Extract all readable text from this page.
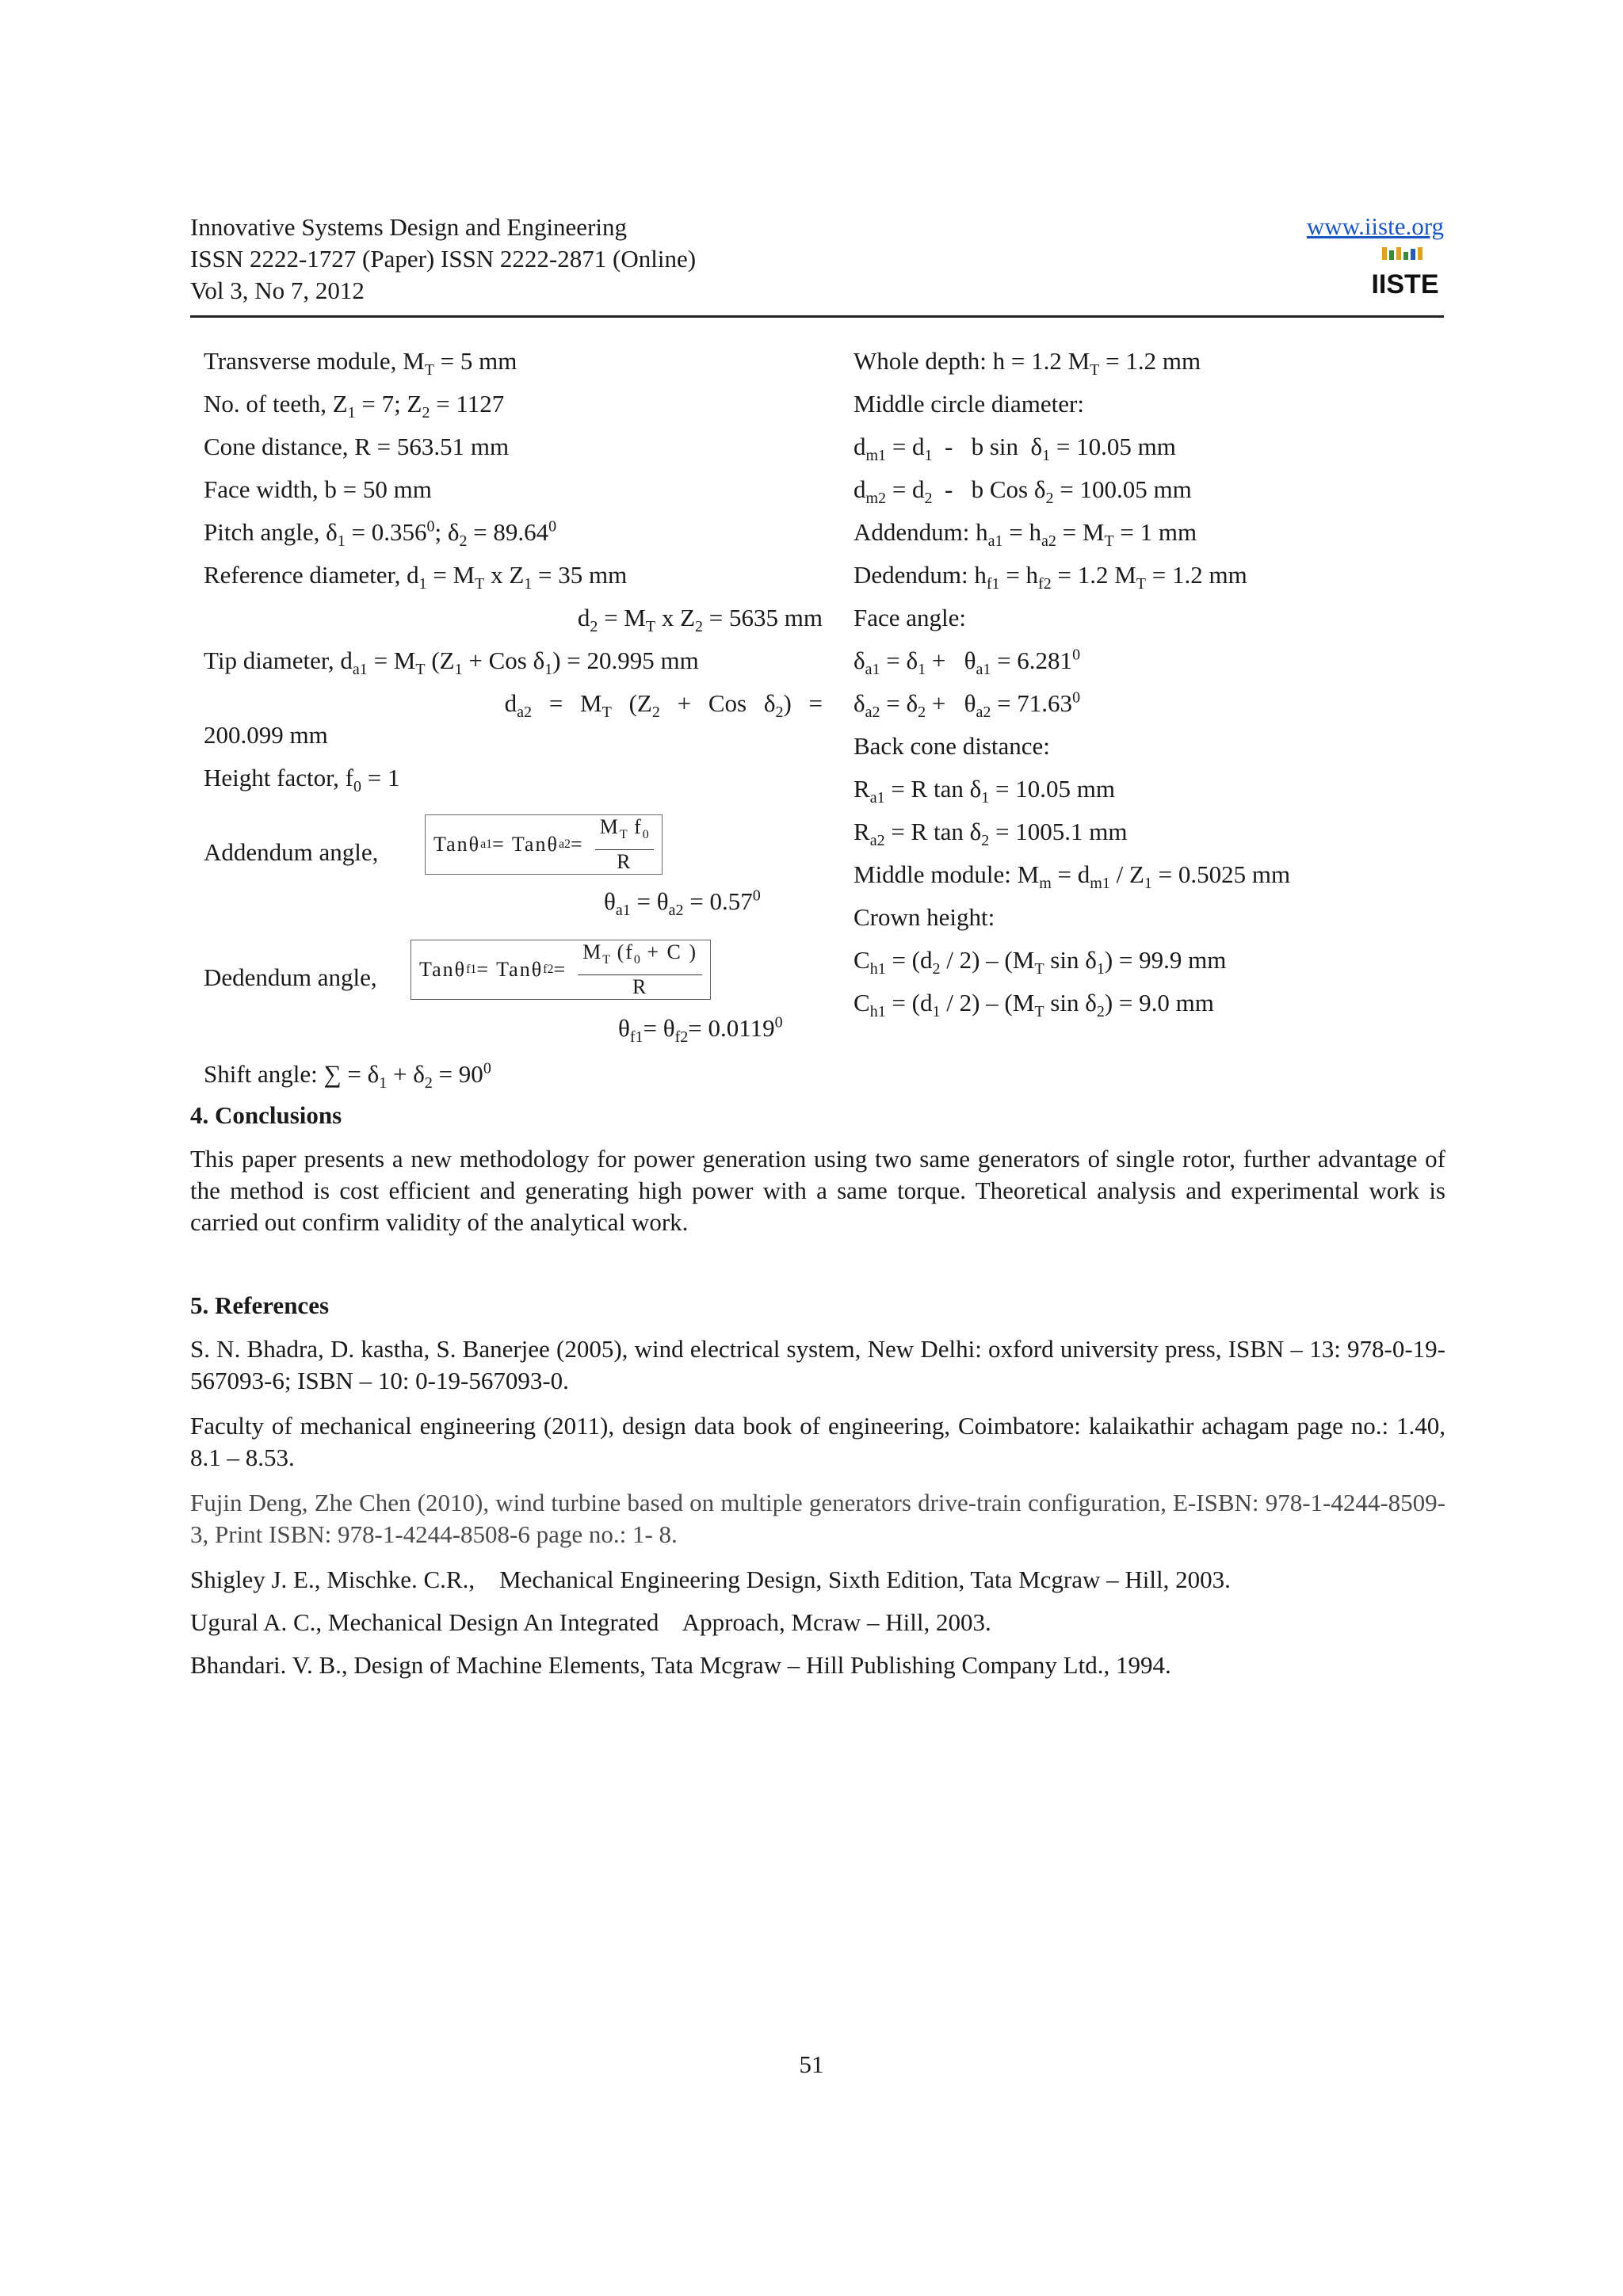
Innovative Systems Design and Engineering
ISSN 2222-1727 (Paper) ISSN 2222-2871 (Online)
Vol 3, No 7, 2012
www.iiste.org
IISTE
Transverse module, $M_T = 5$ mm
No. of teeth, $Z_1 = 7$; $Z_2 = 1127$
Cone distance, R = 563.51 mm
Face width, b = 50 mm
Pitch angle, $\delta_1 = 0.356^0$; $\delta_2 = 89.64^0$
Reference diameter, $d_1 = M_T$ x $Z_1 = 35$ mm
$d_2 = M_T$ x $Z_2 = 5635$ mm
Tip diameter, $d_{a1} = M_T$ ($Z_1$ + Cos $\delta_1) = 20.995$ mm
$d_{a2} = M_T$ ($Z_2$ + Cos $\delta_2$) =
200.099 mm
Height factor, $f_0 = 1$
Addendum angle,	Tanθ a1 = Tanθ $a2 = \frac{M_T f_0}{R}$
$\theta_{a1} = \theta_{a2} = 0.57^0$
Dedendum angle, Tanθ f1 = Tanθ $f2 = \frac{M_T (f_0 + C )}{R}$
$\theta_{f1}= \theta_{f2}= 0.0119^0$
Shift angle: ∑ = $\delta_1 + \delta_2 = 90^0$
Whole depth: h = 1.2 $M_T = 1.2$ mm
Middle circle diameter:
$d_{m1} = d_1 - b$ $\sin \delta_1 = 10.05$ mm
$d_{m2} = d_2 - b$ Cos $\delta_2 = 100.05$ mm
Addendum: $h_{a1} = h_{a2} = M_T = 1$ mm
Dedendum: $h_{f1} = h_{f2} = 1.2$ $M_T = 1.2$ mm
Face angle:
$\delta_{a1} = \delta_1 + \theta_{a1} = 6.281^0$
$\delta_{a2} = \delta_2 + \theta_{a2} = 71.63^0$
Back cone distance:
$R_{a1} = R$ $\tan \delta_1 = 10.05$ mm
$R_{a2} = R$ $\tan \delta_2 = 1005.1$ mm
Middle module: $M_m = d_{m1} / Z_1 = 0.5025$ mm
Crown height:
$C_{h1} = (d_2 / 2) - (M_T$ $\sin \delta_1) = 99.9$ mm
$C_{h1} = (d_1 / 2) - (M_T$ $\sin \delta_2) = 9.0$ mm
4. Conclusions
This paper presents a new methodology for power generation using two same generators of single rotor, further advantage of the method is cost efficient and generating high power with a same torque. Theoretical analysis and experimental work is carried out confirm validity of the analytical work.
5. References
S. N. Bhadra, D. kastha, S. Banerjee (2005), wind electrical system, New Delhi: oxford university press, ISBN – 13: 978-0-19-567093-6; ISBN – 10: 0-19-567093-0.
Faculty of mechanical engineering (2011), design data book of engineering, Coimbatore: kalaikathir achagam page no.: 1.40, 8.1 – 8.53.
Fujin Deng, Zhe Chen (2010), wind turbine based on multiple generators drive-train configuration, E-ISBN: 978-1-4244-8509-3, Print ISBN: 978-1-4244-8508-6 page no.: 1- 8.
Shigley J. E., Mischke. C.R.,    Mechanical Engineering Design, Sixth Edition, Tata Mcgraw – Hill, 2003.
Ugural A. C., Mechanical Design An Integrated    Approach, Mcraw – Hill, 2003.
Bhandari. V. B., Design of Machine Elements, Tata Mcgraw – Hill Publishing Company Ltd., 1994.
51
